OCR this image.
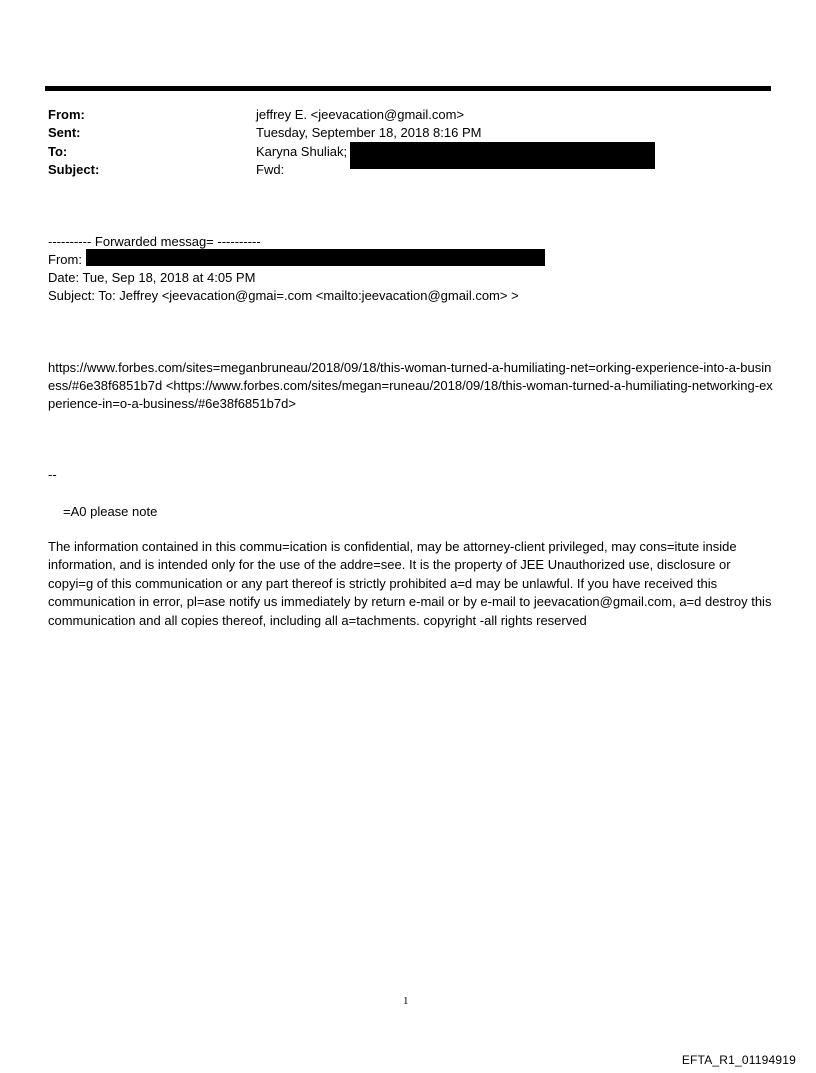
From:	jeffrey E. <jeevacation@gmail.com>
Sent:	Tuesday, September 18, 2018 8:16 PM
To:	Karyna Shuliak;
Subject:	Fwd:
---------- Forwarded messag= ----------
From:
Date: Tue, Sep 18, 2018 at 4:05 PM
Subject: To: Jeffrey <jeevacation@gmai=.com <mailto:jeevacation@gmail.com> >
https://www.forbes.com/sites=meganbruneau/2018/09/18/this-woman-turned-a-humiliating-net=orking-experience-into-a-business/#6e38f6851b7d <https://www.forbes.com/sites/megan=runeau/2018/09/18/this-woman-turned-a-humiliating-networking-experience-in=o-a-business/#6e38f6851b7d>
--
=A0 please note
The information contained in this commu=ication is confidential, may be attorney-client privileged, may cons=itute inside information, and is intended only for the use of the addre=see. It is the property of JEE Unauthorized use, disclosure or copyi=g of this communication or any part thereof is strictly prohibited a=d may be unlawful. If you have received this communication in error, pl=ase notify us immediately by return e-mail or by e-mail to jeevacation@gmail.com, a=d destroy this communication and all copies thereof, including all a=tachments. copyright -all rights reserved
1
EFTA_R1_01194919
